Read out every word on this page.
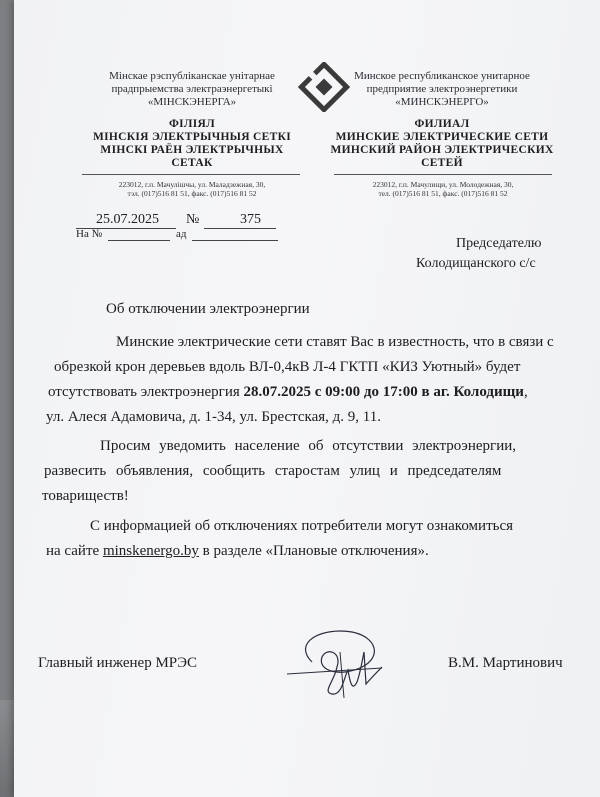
Мінскае рэспубліканскае унітарнае
прадпрыемства электраэнергетыкі
«МІНСКЭНЕРГА»
ФІЛІЯЛ
МІНСКІЯ ЭЛЕКТРЫЧНЫЯ СЕТКІ
МІНСКІ РАЁН ЭЛЕКТРЫЧНЫХ
СЕТАК
223012, г.п. Мачулішчы, ул. Маладзежная, 30,
тэл. (017)516 81 51, факс. (017)516 81 52
Минское республиканское унитарное
предприятие электроэнергетики
«МИНСКЭНЕРГО»
ФИЛИАЛ
МИНСКИЕ ЭЛЕКТРИЧЕСКИЕ СЕТИ
МИНСКИЙ РАЙОН ЭЛЕКТРИЧЕСКИХ
СЕТЕЙ
223012, г.п. Мачулищи, ул. Молодежная, 30,
тел. (017)516 81 51, факс. (017)516 81 52
25.07.2025 №	375
На №	ад
Председателю
Колодищанского с/с
Об отключении электроэнергии
Минские электрические сети ставят Вас в известность, что в связи с
обрезкой крон деревьев вдоль ВЛ-0,4кВ Л-4 ГКТП «КИЗ Уютный» будет
отсутствовать электроэнергия 28.07.2025 с 09:00 до 17:00 в аг. Колодищи,
ул. Алеся Адамовича, д. 1-34, ул. Брестская, д. 9, 11.
Просим уведомить население об отсутствии электроэнергии,
развесить объявления, сообщить старостам улиц и председателям
товариществ!
С информацией об отключениях потребители могут ознакомиться
на сайте minskenergo.by в разделе «Плановые отключения».
Главный инженер МРЭС	В.М. Мартинович
